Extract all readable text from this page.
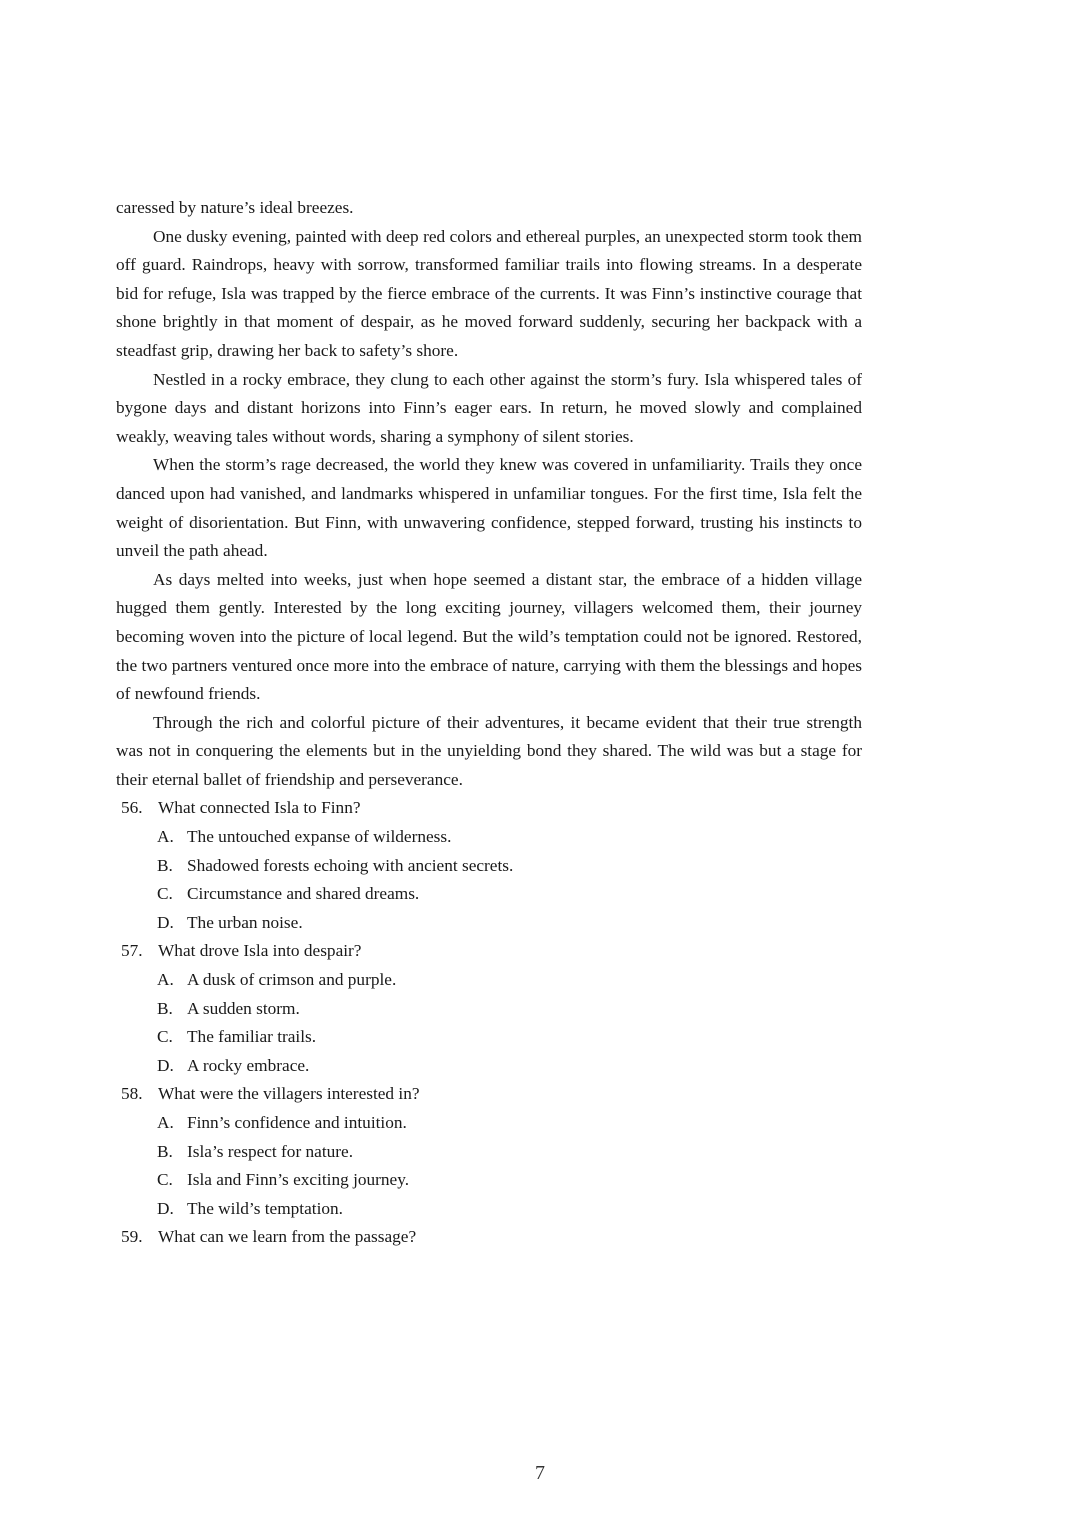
caressed by nature’s ideal breezes.

One dusky evening, painted with deep red colors and ethereal purples, an unexpected storm took them off guard. Raindrops, heavy with sorrow, transformed familiar trails into flowing streams. In a desperate bid for refuge, Isla was trapped by the fierce embrace of the currents. It was Finn’s instinctive courage that shone brightly in that moment of despair, as he moved forward suddenly, securing her backpack with a steadfast grip, drawing her back to safety’s shore.

Nestled in a rocky embrace, they clung to each other against the storm’s fury. Isla whispered tales of bygone days and distant horizons into Finn’s eager ears. In return, he moved slowly and complained weakly, weaving tales without words, sharing a symphony of silent stories.

When the storm’s rage decreased, the world they knew was covered in unfamiliarity. Trails they once danced upon had vanished, and landmarks whispered in unfamiliar tongues. For the first time, Isla felt the weight of disorientation. But Finn, with unwavering confidence, stepped forward, trusting his instincts to unveil the path ahead.

As days melted into weeks, just when hope seemed a distant star, the embrace of a hidden village hugged them gently. Interested by the long exciting journey, villagers welcomed them, their journey becoming woven into the picture of local legend. But the wild’s temptation could not be ignored. Restored, the two partners ventured once more into the embrace of nature, carrying with them the blessings and hopes of newfound friends.

Through the rich and colorful picture of their adventures, it became evident that their true strength was not in conquering the elements but in the unyielding bond they shared. The wild was but a stage for their eternal ballet of friendship and perseverance.

56. What connected Isla to Finn?

A. The untouched expanse of wilderness.

B. Shadowed forests echoing with ancient secrets.

C. Circumstance and shared dreams.

D. The urban noise.

57. What drove Isla into despair?

A. A dusk of crimson and purple.

B. A sudden storm.

C. The familiar trails.

D. A rocky embrace.

58. What were the villagers interested in?

A. Finn’s confidence and intuition.

B. Isla’s respect for nature.

C. Isla and Finn’s exciting journey.

D. The wild’s temptation.

59. What can we learn from the passage?

7
